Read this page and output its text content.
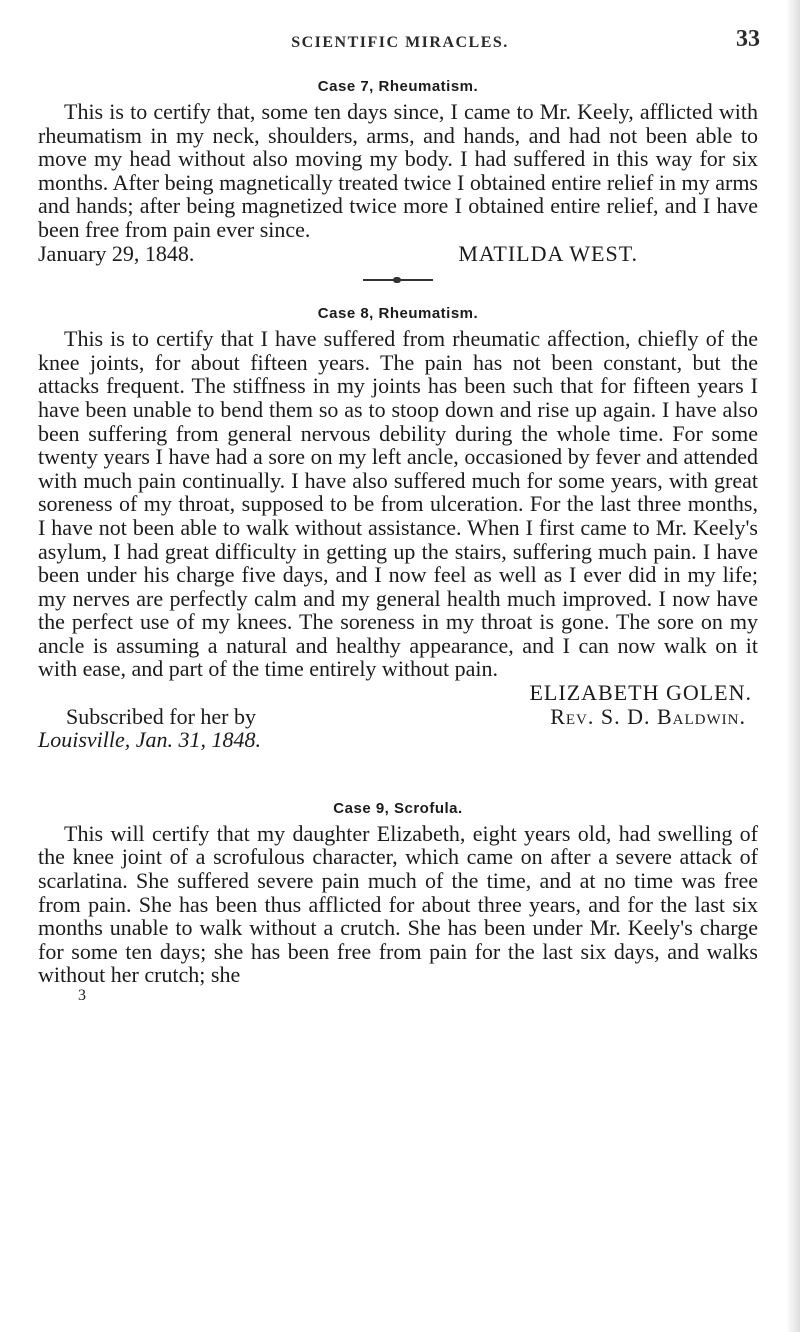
SCIENTIFIC MIRACLES.	33
Case 7, Rheumatism.

This is to certify that, some ten days since, I came to Mr. Keely, afflicted with rheumatism in my neck, shoulders, arms, and hands, and had not been able to move my head without also moving my body. I had suffered in this way for six months. After being magnetically treated twice I obtained entire relief in my arms and hands; after being magnetized twice more I obtained entire relief, and I have been free from pain ever since.

January 29, 1848.	MATILDA WEST.
Case 8, Rheumatism.

This is to certify that I have suffered from rheumatic affection, chiefly of the knee joints, for about fifteen years. The pain has not been constant, but the attacks frequent. The stiffness in my joints has been such that for fifteen years I have been unable to bend them so as to stoop down and rise up again. I have also been suffering from general nervous debility during the whole time. For some twenty years I have had a sore on my left ancle, occasioned by fever and attended with much pain continually. I have also suffered much for some years, with great soreness of my throat, supposed to be from ulceration. For the last three months, I have not been able to walk without assistance. When I first came to Mr. Keely's asylum, I had great difficulty in getting up the stairs, suffering much pain. I have been under his charge five days, and I now feel as well as I ever did in my life; my nerves are perfectly calm and my general health much improved. I now have the perfect use of my knees. The soreness in my throat is gone. The sore on my ancle is assuming a natural and healthy appearance, and I can now walk on it with ease, and part of the time entirely without pain.

ELIZABETH GOLEN.
Subscribed for her by	Rev. S. D. Baldwin.
Louisville, Jan. 31, 1848.
Case 9, Scrofula.

This will certify that my daughter Elizabeth, eight years old, had swelling of the knee joint of a scrofulous character, which came on after a severe attack of scarlatina. She suffered severe pain much of the time, and at no time was free from pain. She has been thus afflicted for about three years, and for the last six months unable to walk without a crutch. She has been under Mr. Keely's charge for some ten days; she has been free from pain for the last six days, and walks without her crutch; she

3
